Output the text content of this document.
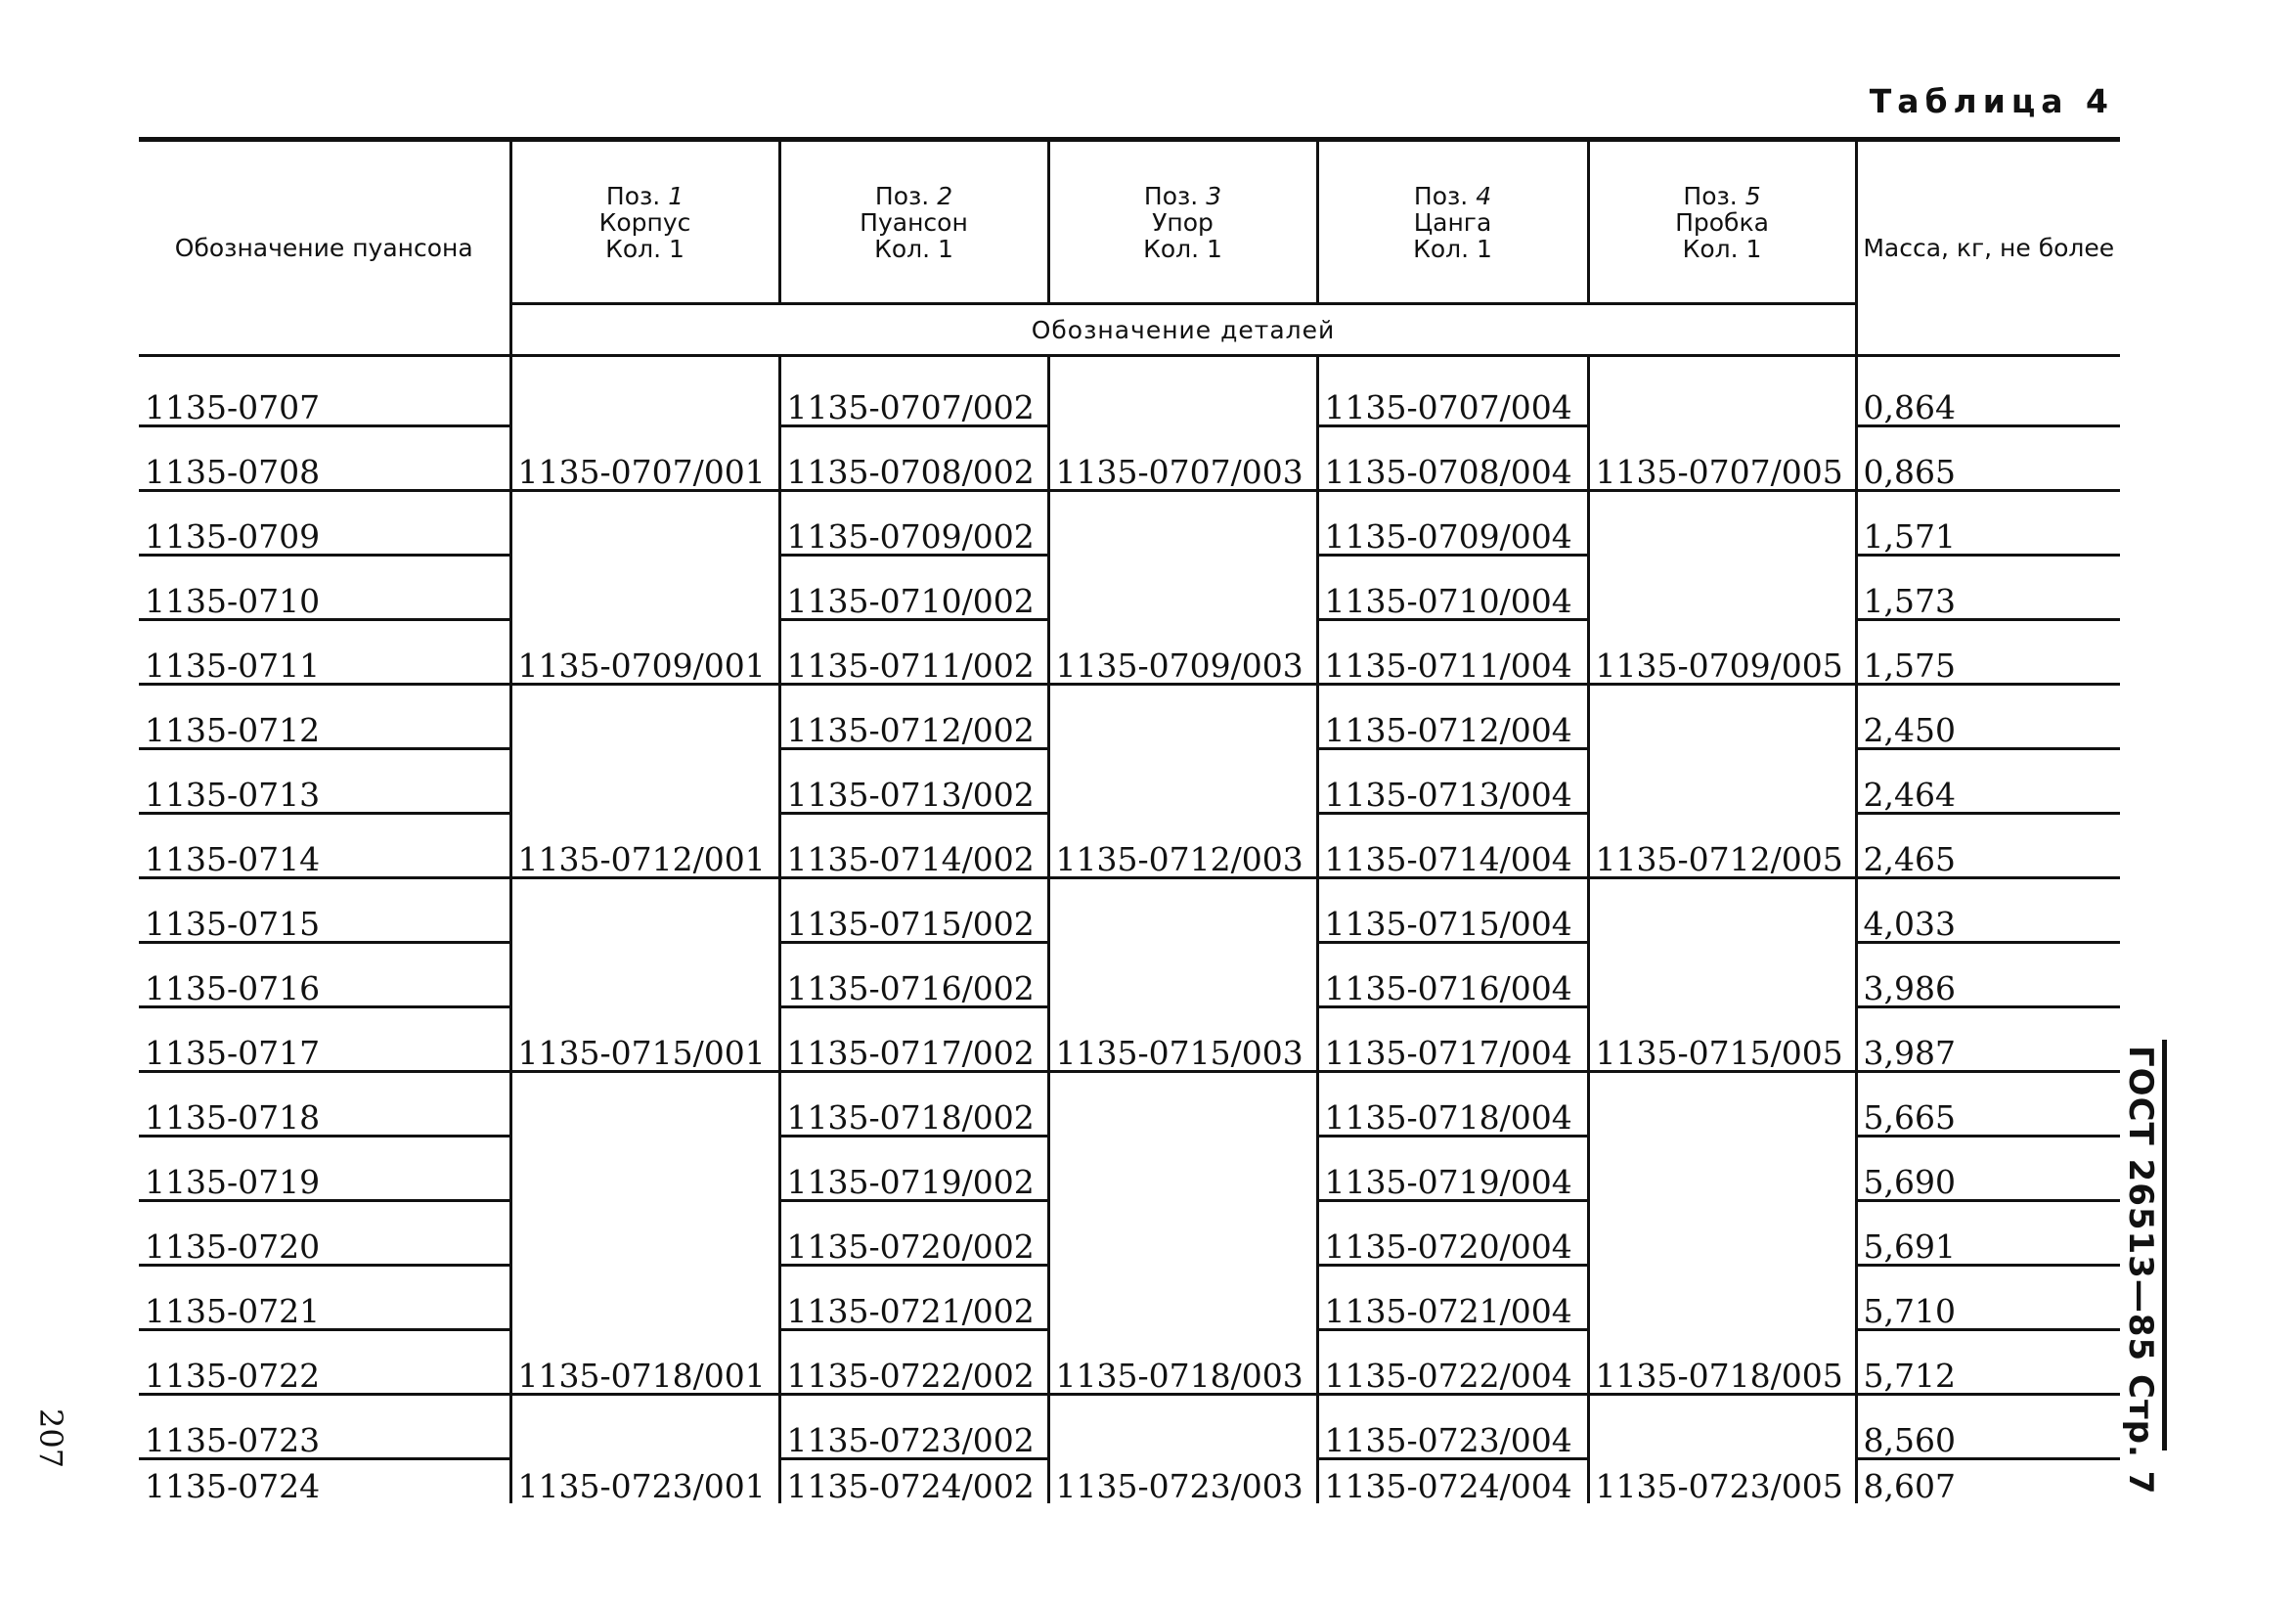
Таблица 4
Обозначение пуансона	Поз. 1
Корпус
Кол. 1	Поз. 2
Пуансон
Кол. 1	Поз. 3
Упор
Кол. 1	Поз. 4
Цанга
Кол. 1	Поз. 5
Пробка
Кол. 1	Масса, кг, не более
	Обозначение деталей					
1135-0707	1135-0707/001	1135-0707/002	1135-0707/003	1135-0707/004	1135-0707/005	0,864
1135-0708		1135-0708/002		1135-0708/004		0,865
1135-0709	1135-0709/001	1135-0709/002	1135-0709/003	1135-0709/004	1135-0709/005	1,571
1135-0710		1135-0710/002		1135-0710/004		1,573
1135-0711		1135-0711/002		1135-0711/004		1,575
1135-0712	1135-0712/001	1135-0712/002	1135-0712/003	1135-0712/004	1135-0712/005	2,450
1135-0713		1135-0713/002		1135-0713/004		2,464
1135-0714		1135-0714/002		1135-0714/004		2,465
1135-0715	1135-0715/001	1135-0715/002	1135-0715/003	1135-0715/004	1135-0715/005	4,033
1135-0716		1135-0716/002		1135-0716/004		3,986
1135-0717		1135-0717/002		1135-0717/004		3,987
1135-0718	1135-0718/001	1135-0718/002	1135-0718/003	1135-0718/004	1135-0718/005	5,665
1135-0719		1135-0719/002		1135-0719/004		5,690
1135-0720		1135-0720/002		1135-0720/004		5,691
1135-0721		1135-0721/002		1135-0721/004		5,710
1135-0722		1135-0722/002		1135-0722/004		5,712
1135-0723	1135-0723/001	1135-0723/002	1135-0723/003	1135-0723/004	1135-0723/005	8,560
1135-0724		1135-0724/002		1135-0724/004		8,607	ГОСТ 26513—85 Стр. 7
207
